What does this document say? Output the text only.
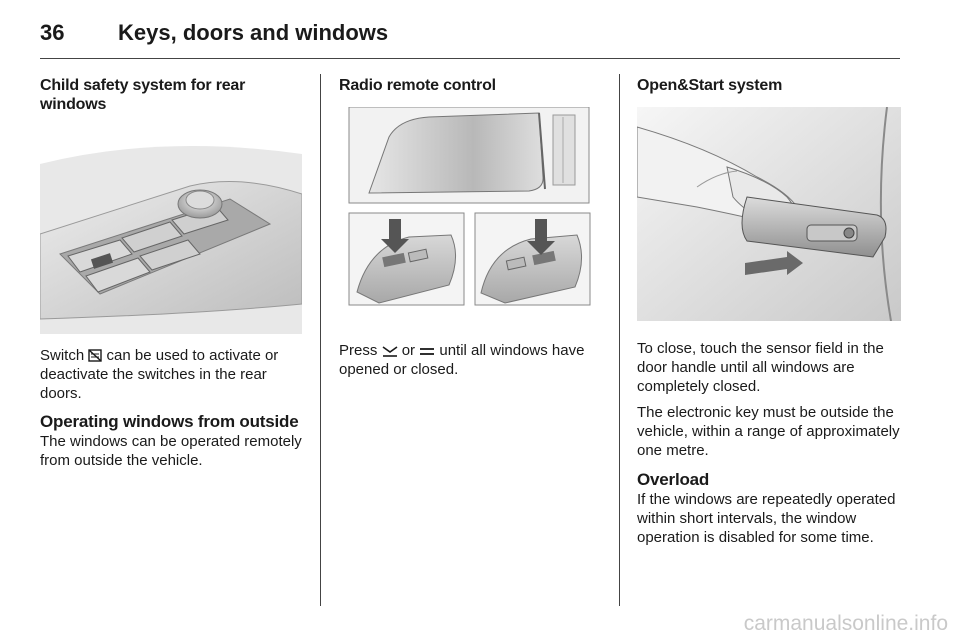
36 Keys, doors and windows
Child safety system for rear windows

Switch can be used to activate or deactivate the switches in the rear doors.

Operating windows from outside

The windows can be operated remotely from outside the vehicle.

Radio remote control

Press or until all windows have opened or closed.

Open&Start system

To close, touch the sensor field in the door handle until all windows are completely closed.

The electronic key must be outside the vehicle, within a range of approximately one metre.

Overload

If the windows are repeatedly operated within short intervals, the window operation is disabled for some time.

carmanualsonline.info
